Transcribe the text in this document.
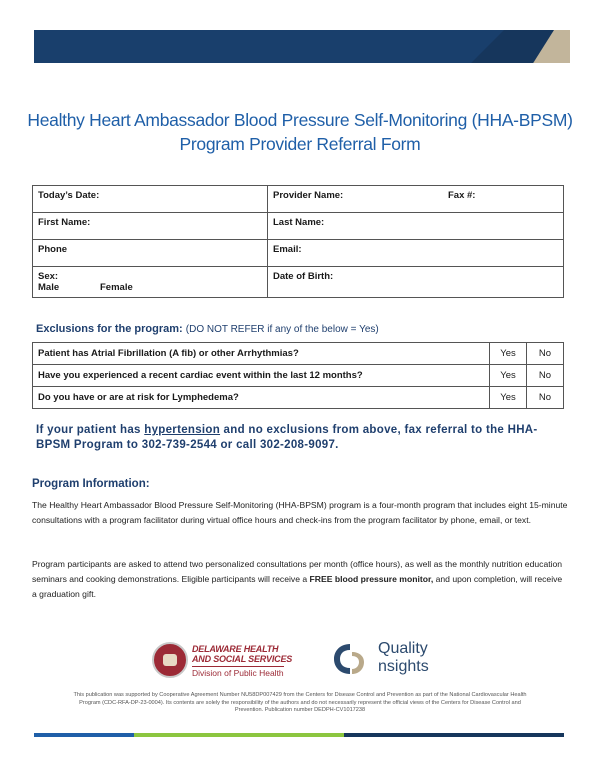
Healthy Heart Ambassador Blood Pressure Self-Monitoring (HHA-BPSM)
Program Provider Referral Form
Today’s Date:	Provider Name: Fax #:

First Name:	Last Name:
Phone	Email:

Sex:
Male Female	Date of Birth:
Exclusions for the program: (DO NOT REFER if any of the below = Yes)
Patient has Atrial Fibrillation (A fib) or other Arrhythmias?	Yes	No
Have you experienced a recent cardiac event within the last 12 months?	Yes	No
Do you have or are at risk for Lymphedema?	Yes	No
If your patient has hypertension and no exclusions from above, fax referral to the HHA-BPSM Program to 302-739-2544 or call 302-208-9097.
Program Information:
The Healthy Heart Ambassador Blood Pressure Self-Monitoring (HHA-BPSM) program is a four-month program that includes eight 15-minute consultations with a program facilitator during virtual office hours and check-ins from the program facilitator by phone, email, or text.
Program participants are asked to attend two personalized consultations per month (office hours), as well as the monthly nutrition education seminars and cooking demonstrations. Eligible participants will receive a FREE blood pressure monitor, and upon completion, will receive a graduation gift.
DELAWARE HEALTH
AND SOCIAL SERVICES
Division of Public Health
Quality
nsights
This publication was supported by Cooperative Agreement Number NU58DP007429 from the Centers for Disease Control and Prevention as part of the National Cardiovascular Health Program (CDC-RFA-DP-23-0004). Its contents are solely the responsibility of the authors and do not necessarily represent the official views of the Centers for Disease Control and Prevention. Publication number DEDPH-CV1017238
